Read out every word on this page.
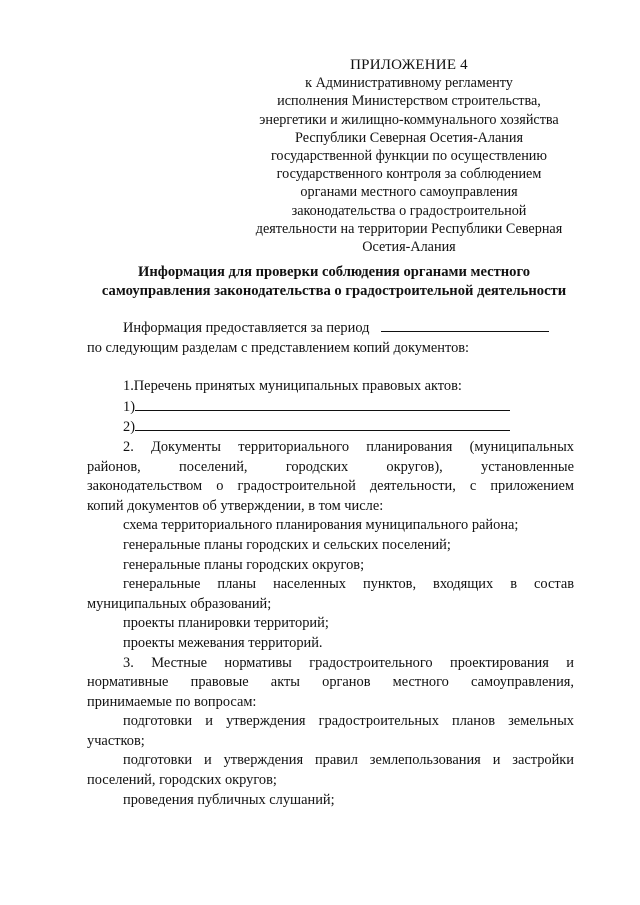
ПРИЛОЖЕНИЕ 4
к Административному регламенту
исполнения Министерством строительства,
энергетики и жилищно-коммунального хозяйства
Республики Северная Осетия-Алания
государственной функции по осуществлению
государственного контроля за соблюдением
органами местного самоуправления
законодательства о градостроительной
деятельности на территории Республики Северная
Осетия-Алания
Информация для проверки соблюдения органами местного
самоуправления законодательства о градостроительной деятельности

Информация предоставляется за период

по следующим разделам с представлением копий документов:

1.Перечень принятых муниципальных правовых актов:

1)

2)

2. Документы территориального планирования (муниципальных

районов, поселений, городских округов), установленные

законодательством о градостроительной деятельности, с приложением

копий документов об утверждении, в том числе:

схема территориального планирования муниципального района;

генеральные планы городских и сельских поселений;

генеральные планы городских округов;

генеральные планы населенных пунктов, входящих в состав

муниципальных образований;

проекты планировки территорий;

проекты межевания территорий.

3. Местные нормативы градостроительного проектирования и

нормативные правовые акты органов местного самоуправления,

принимаемые по вопросам:

подготовки и утверждения градостроительных планов земельных

участков;

подготовки и утверждения правил землепользования и застройки

поселений, городских округов;

проведения публичных слушаний;
